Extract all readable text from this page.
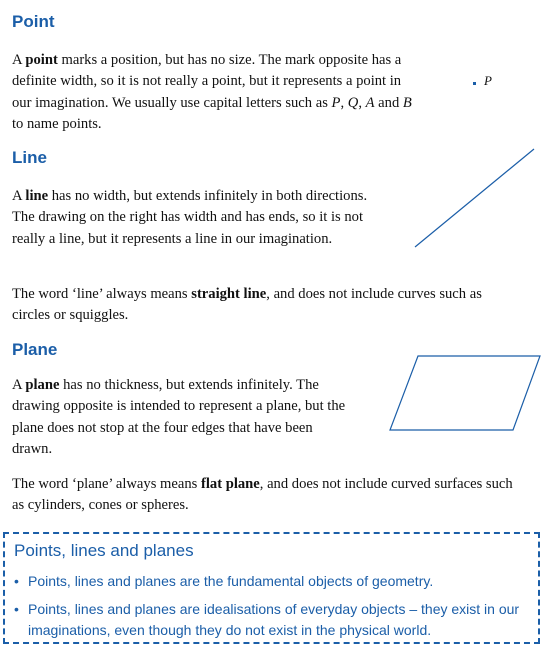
Point
A point marks a position, but has no size. The mark opposite has a definite width, so it is not really a point, but it represents a point in our imagination. We usually use capital letters such as P, Q, A and B to name points.
P
Line
A line has no width, but extends infinitely in both directions. The drawing on the right has width and has ends, so it is not really a line, but it represents a line in our imagination.
The word ‘line’ always means straight line, and does not include curves such as circles or squiggles.
Plane
A plane has no thickness, but extends infinitely. The drawing opposite is intended to represent a plane, but the plane does not stop at the four edges that have been drawn.
The word ‘plane’ always means flat plane, and does not include curved surfaces such as cylinders, cones or spheres.
Points, lines and planes
• Points, lines and planes are the fundamental objects of geometry.
• Points, lines and planes are idealisations of everyday objects – they exist in our imaginations, even though they do not exist in the physical world.
